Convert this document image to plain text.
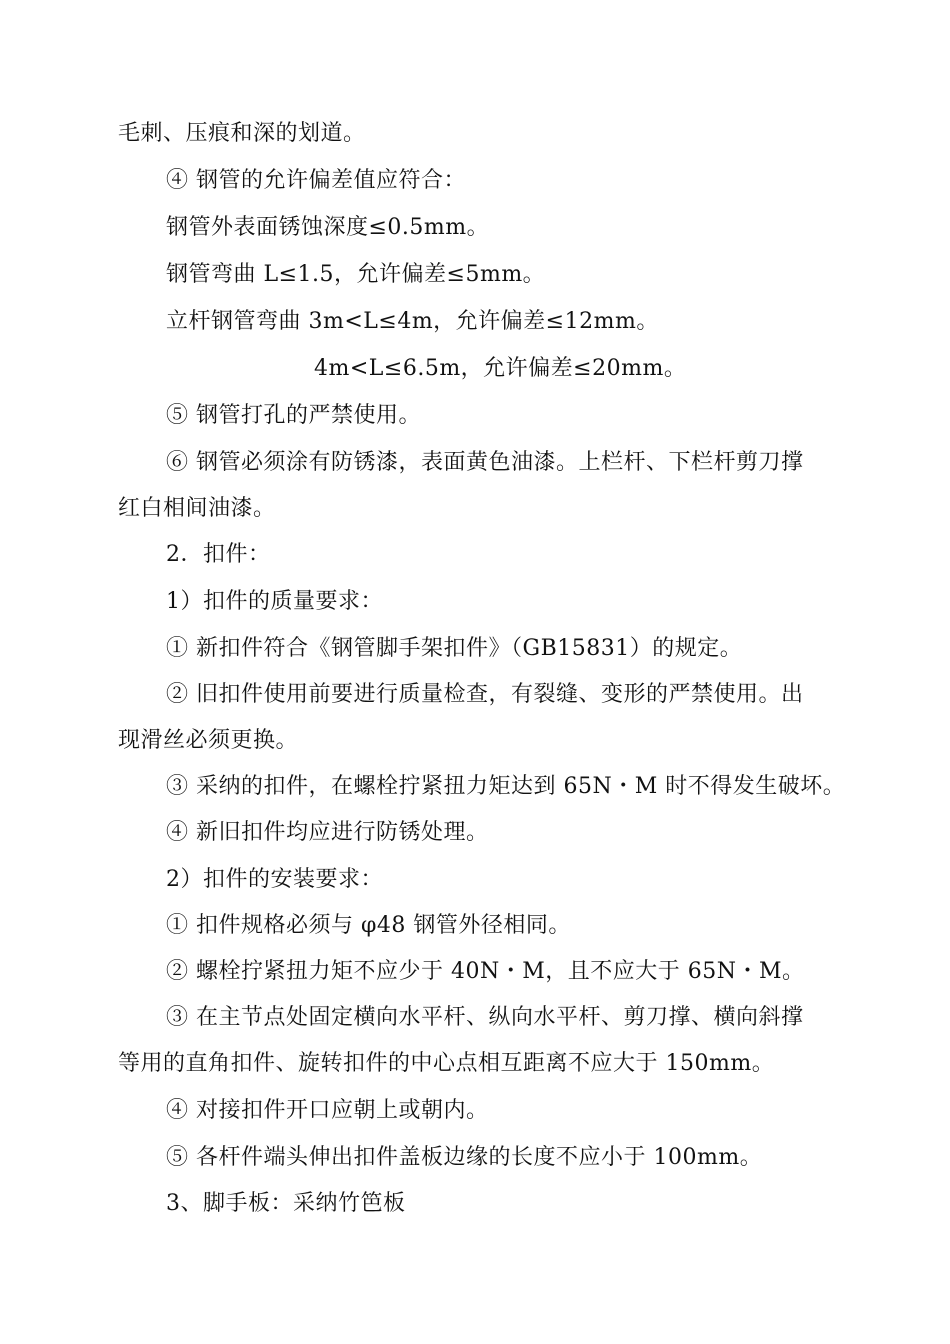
毛刺、压痕和深的划道。
④ 钢管的允许偏差值应符合：
钢管外表面锈蚀深度≤0.5mm。
钢管弯曲 L≤1.5，允许偏差≤5mm。
立杆钢管弯曲 3m<L≤4m，允许偏差≤12mm。
4m<L≤6.5m，允许偏差≤20mm。
⑤ 钢管打孔的严禁使用。
⑥ 钢管必须涂有防锈漆，表面黄色油漆。上栏杆、下栏杆剪刀撑
红白相间油漆。
2．扣件：
1）扣件的质量要求：
① 新扣件符合《钢管脚手架扣件》（GB15831）的规定。
② 旧扣件使用前要进行质量检查，有裂缝、变形的严禁使用。出
现滑丝必须更换。
③ 采纳的扣件，在螺栓拧紧扭力矩达到 65N・M 时不得发生破坏。
④ 新旧扣件均应进行防锈处理。
2）扣件的安装要求：
① 扣件规格必须与 φ48 钢管外径相同。
② 螺栓拧紧扭力矩不应少于 40N・M，且不应大于 65N・M。
③ 在主节点处固定横向水平杆、纵向水平杆、剪刀撑、横向斜撑
等用的直角扣件、旋转扣件的中心点相互距离不应大于 150mm。
④ 对接扣件开口应朝上或朝内。
⑤ 各杆件端头伸出扣件盖板边缘的长度不应小于 100mm。
3、脚手板：采纳竹笆板
